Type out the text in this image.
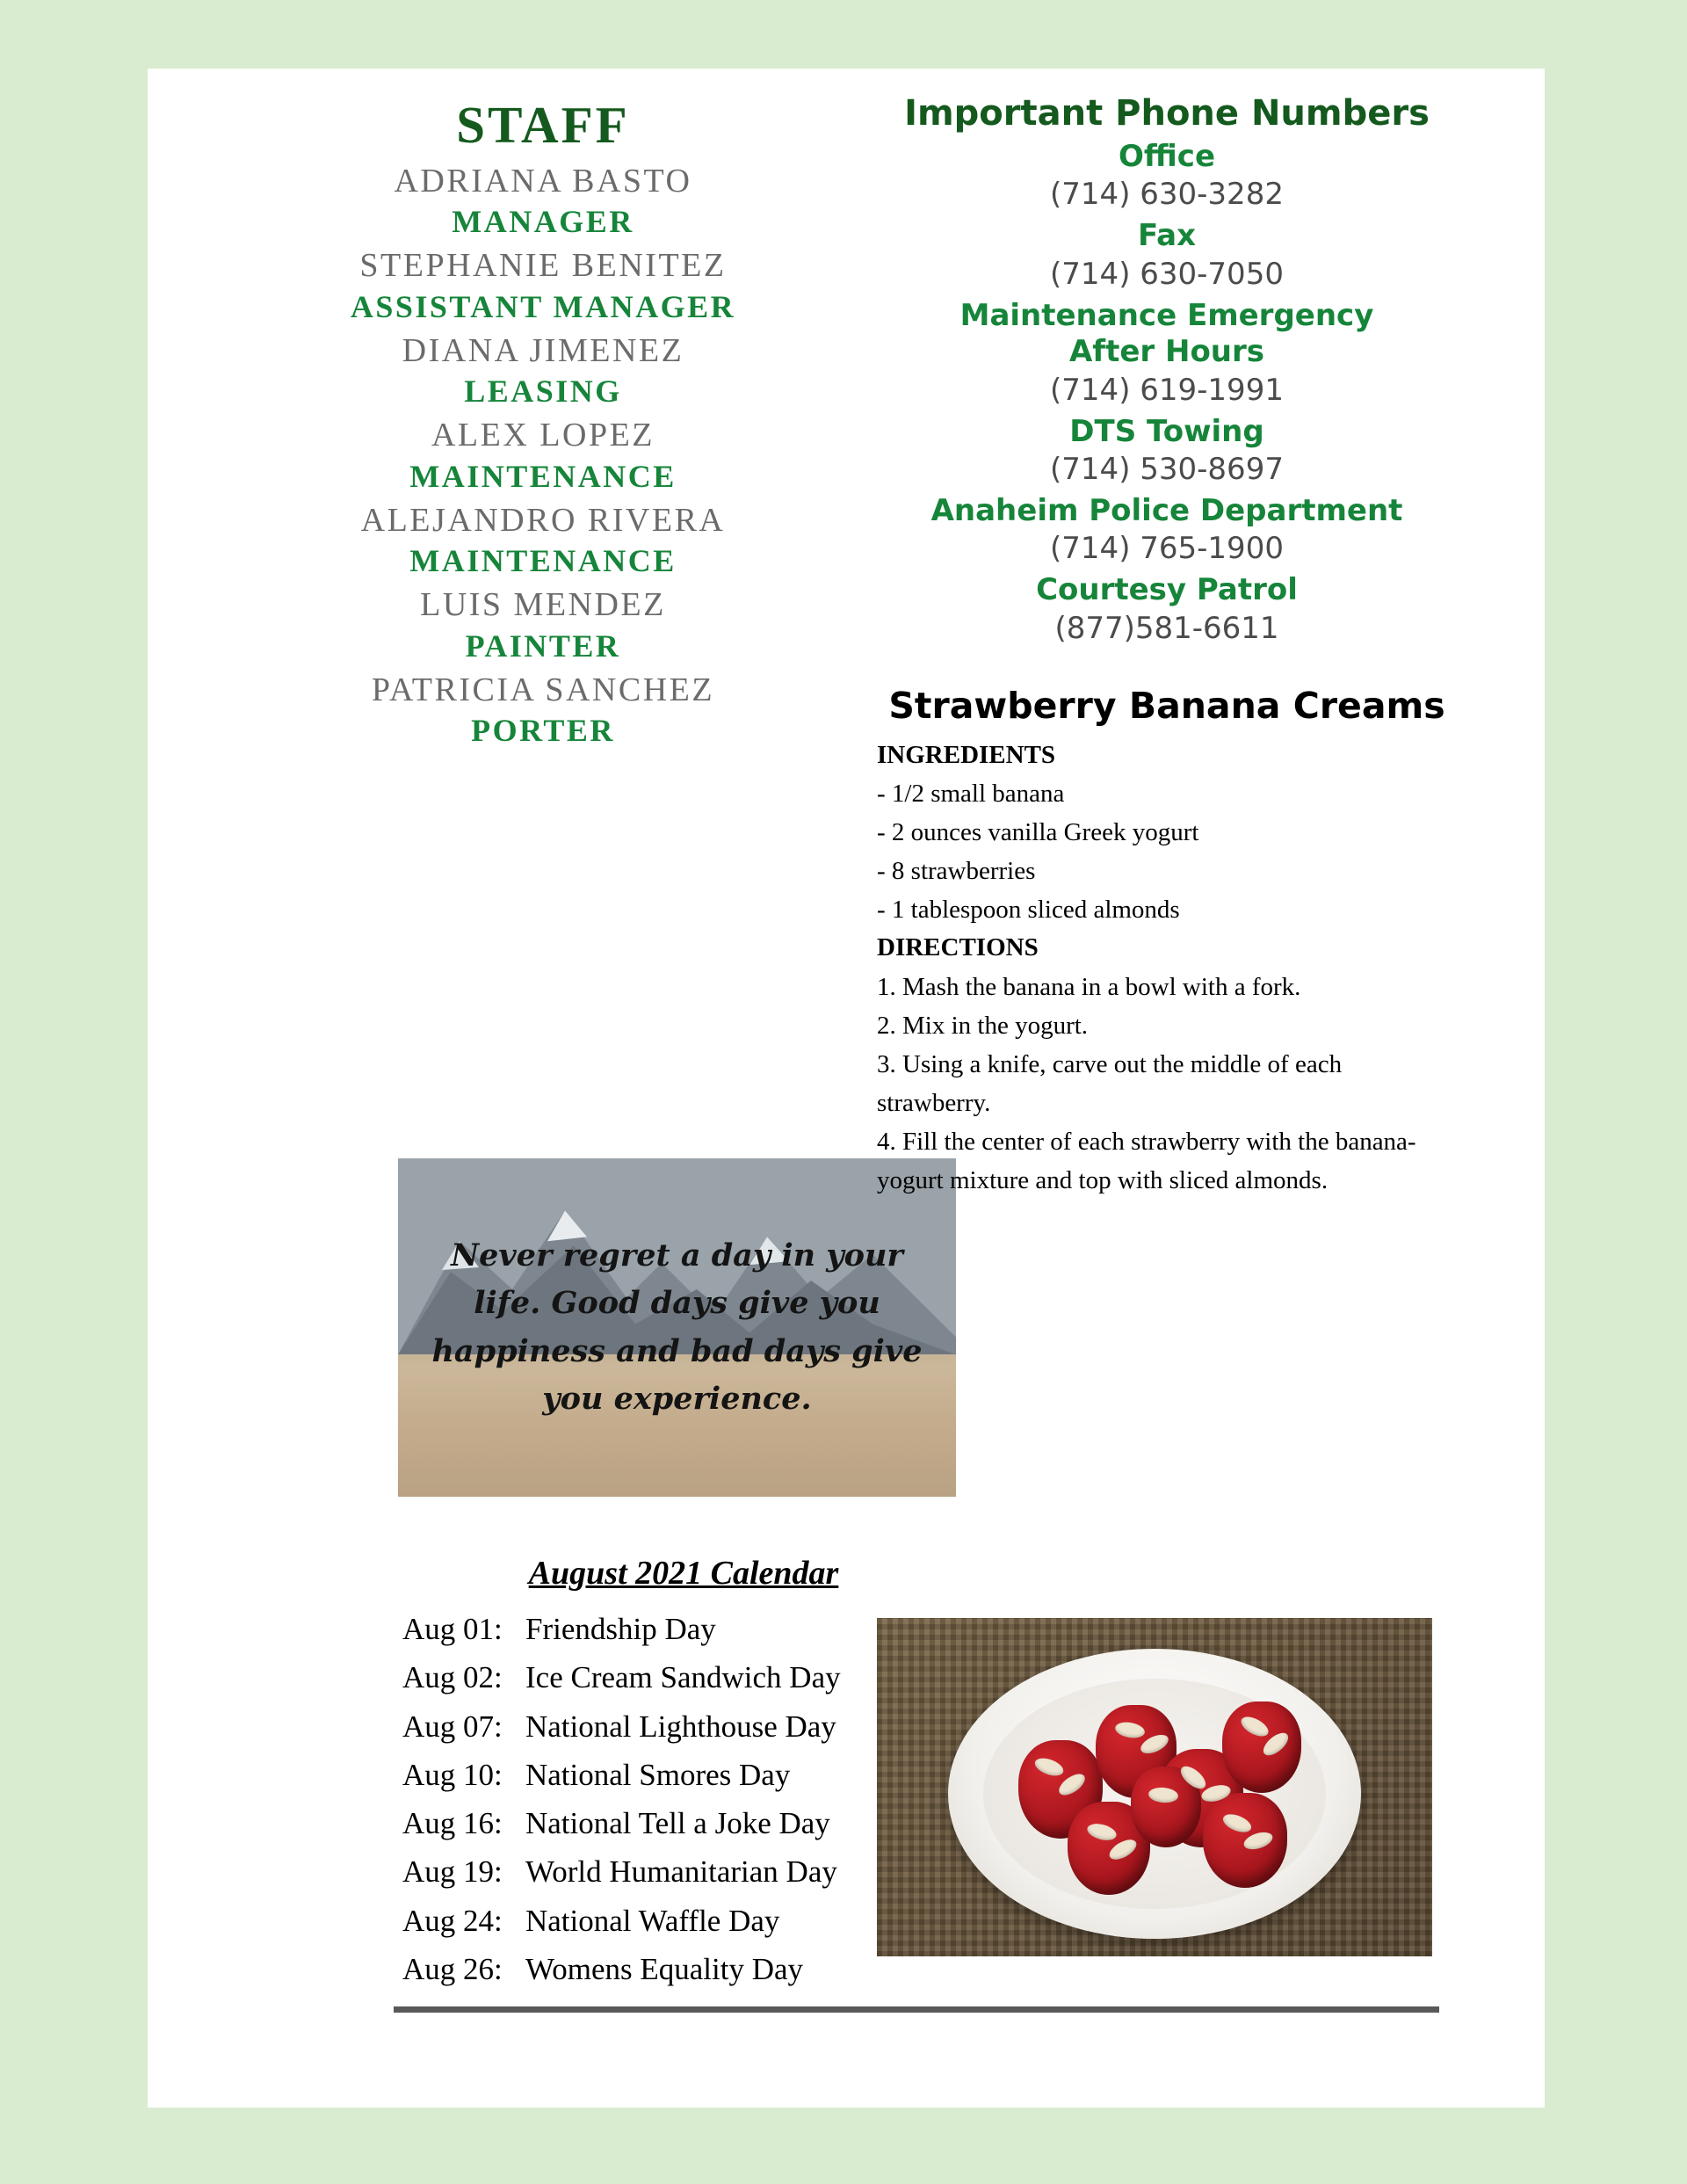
STAFF
ADRIANA BASTO
MANAGER
STEPHANIE BENITEZ
ASSISTANT MANAGER
DIANA JIMENEZ
LEASING
ALEX LOPEZ
MAINTENANCE
ALEJANDRO RIVERA
MAINTENANCE
LUIS MENDEZ
PAINTER
PATRICIA SANCHEZ
PORTER
Never regret a day in your life. Good days give you happiness and bad days give you experience.
August 2021 Calendar
Aug 01: Friendship Day
Aug 02: Ice Cream Sandwich Day
Aug 07: National Lighthouse Day
Aug 10: National Smores Day
Aug 16: National Tell a Joke Day
Aug 19: World Humanitarian Day
Aug 24: National Waffle Day
Aug 26: Womens Equality Day
Important Phone Numbers
Office
(714) 630-3282
Fax
(714) 630-7050
Maintenance Emergency
After Hours
(714) 619-1991
DTS Towing
(714) 530-8697
Anaheim Police Department
(714) 765-1900
Courtesy Patrol
(877)581-6611
Strawberry Banana Creams
INGREDIENTS
- 1/2 small banana
- 2 ounces vanilla Greek yogurt
- 8 strawberries
- 1 tablespoon sliced almonds
DIRECTIONS
1. Mash the banana in a bowl with a fork.
2. Mix in the yogurt.
3. Using a knife, carve out the middle of each strawberry.
4. Fill the center of each strawberry with the banana-yogurt mixture and top with sliced almonds.
